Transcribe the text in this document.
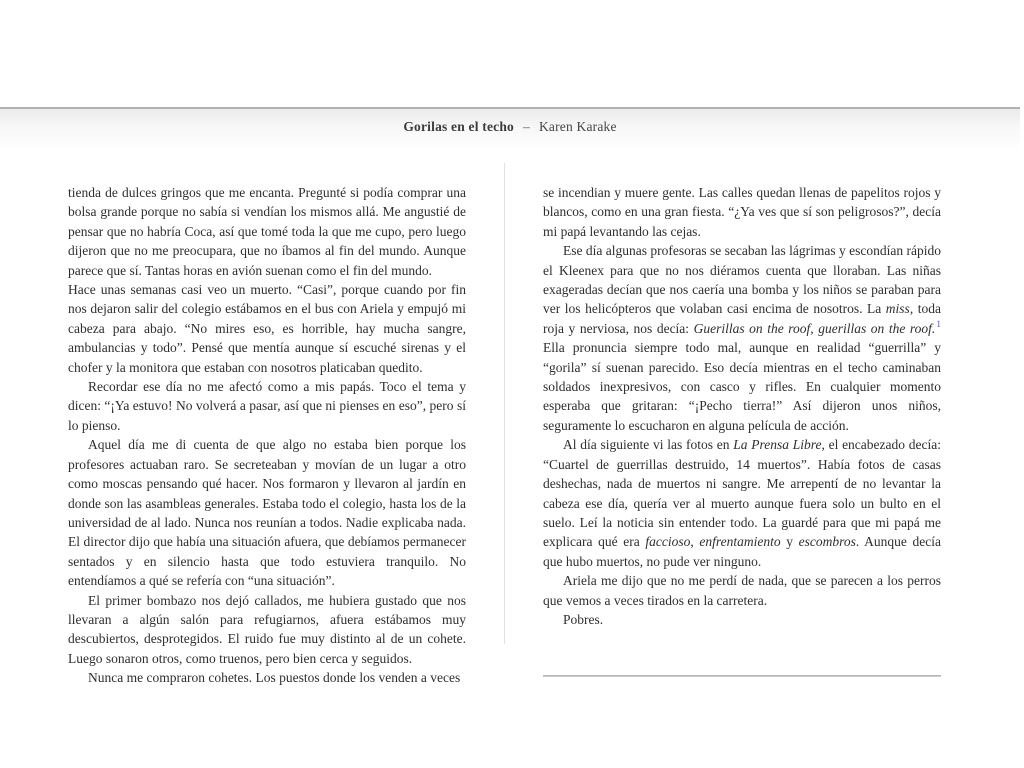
Gorilas en el techo – Karen Karake

tienda de dulces gringos que me encanta. Pregunté si podía comprar una bolsa grande porque no sabía si vendían los mismos allá. Me angustié de pensar que no habría Coca, así que tomé toda la que me cupo, pero luego dijeron que no me preocupara, que no íbamos al fin del mundo. Aunque parece que sí. Tantas horas en avión suenan como el fin del mundo.

Hace unas semanas casi veo un muerto. “Casi”, porque cuando por fin nos dejaron salir del colegio estábamos en el bus con Ariela y empujó mi cabeza para abajo. “No mires eso, es horrible, hay mucha sangre, ambulancias y todo”. Pensé que mentía aunque sí escuché sirenas y el chofer y la monitora que estaban con nosotros platicaban quedito.

Recordar ese día no me afectó como a mis papás. Toco el tema y dicen: “¡Ya estuvo! No volverá a pasar, así que ni pienses en eso”, pero sí lo pienso.

Aquel día me di cuenta de que algo no estaba bien porque los profesores actuaban raro. Se secreteaban y movían de un lugar a otro como moscas pensando qué hacer. Nos formaron y llevaron al jardín en donde son las asambleas generales. Estaba todo el colegio, hasta los de la universidad de al lado. Nunca nos reunían a todos. Nadie explicaba nada. El director dijo que había una situación afuera, que debíamos permanecer sentados y en silencio hasta que todo estuviera tranquilo. No entendíamos a qué se refería con “una situación”.

El primer bombazo nos dejó callados, me hubiera gustado que nos llevaran a algún salón para refugiarnos, afuera estábamos muy descubiertos, desprotegidos. El ruido fue muy distinto al de un cohete. Luego sonaron otros, como truenos, pero bien cerca y seguidos.

Nunca me compraron cohetes. Los puestos donde los venden a veces

se incendian y muere gente. Las calles quedan llenas de papelitos rojos y blancos, como en una gran fiesta. “¿Ya ves que sí son peligrosos?”, decía mi papá levantando las cejas.

Ese día algunas profesoras se secaban las lágrimas y escondían rápido el Kleenex para que no nos diéramos cuenta que lloraban. Las niñas exageradas decían que nos caería una bomba y los niños se paraban para ver los helicópteros que volaban casi encima de nosotros. La miss, toda roja y nerviosa, nos decía: Guerillas on the roof, guerillas on the roof.$^1$ Ella pronuncia siempre todo mal, aunque en realidad “guerrilla” y “gorila” sí suenan parecido. Eso decía mientras en el techo caminaban soldados inexpresivos, con casco y rifles. En cualquier momento esperaba que gritaran: “¡Pecho tierra!” Así dijeron unos niños, seguramente lo escucharon en alguna película de acción.

Al día siguiente vi las fotos en La Prensa Libre, el encabezado decía: “Cuartel de guerrillas destruido, 14 muertos”. Había fotos de casas deshechas, nada de muertos ni sangre. Me arrepentí de no levantar la cabeza ese día, quería ver al muerto aunque fuera solo un bulto en el suelo. Leí la noticia sin entender todo. La guardé para que mi papá me explicara qué era faccioso, enfrentamiento y escombros. Aunque decía que hubo muertos, no pude ver ninguno.

Ariela me dijo que no me perdí de nada, que se parecen a los perros que vemos a veces tirados en la carretera.

Pobres.
